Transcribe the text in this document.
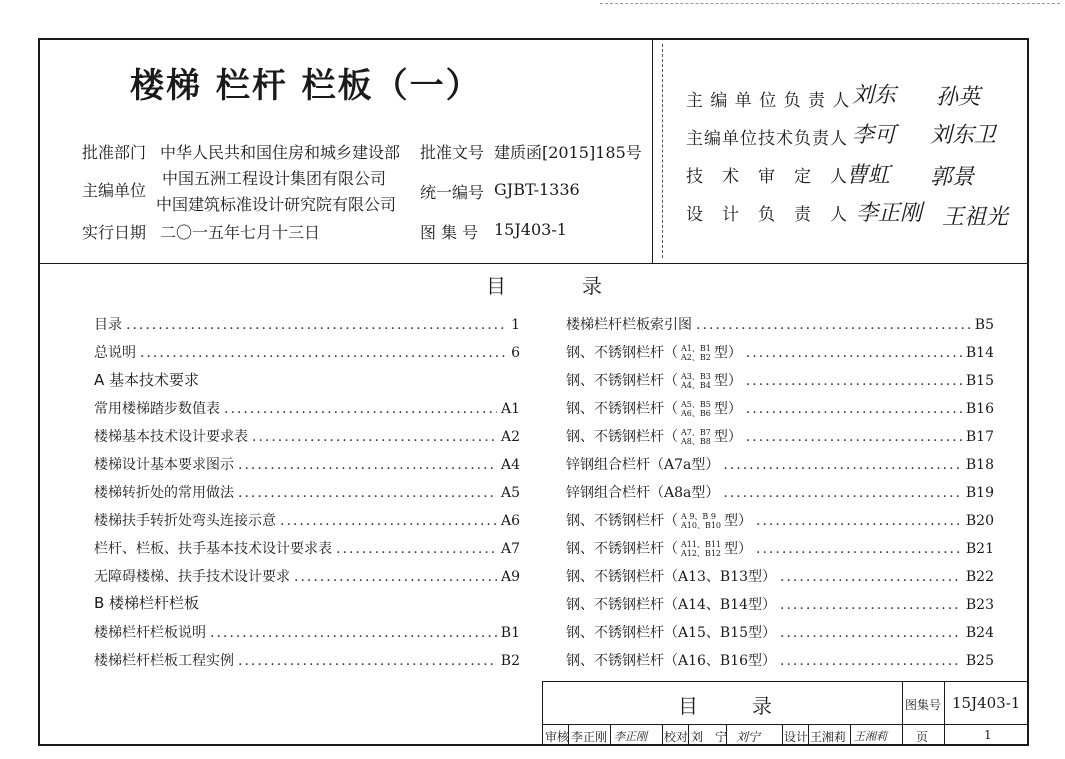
楼梯 栏杆 栏板（一）
批准部门 中华人民共和国住房和城乡建设部 批准文号 建质函[2015]185号
主编单位
中国五洲工程设计集团有限公司
中国建筑标准设计研究院有限公司
统一编号 GJBT-1336
实行日期 二〇一五年七月十三日	图 集 号 15J403-1
主 编 单 位 负 责 人 刘东 孙英
主编单位技术负责人 李可 刘东卫
技　术　审　定　人
曹虹 郭景
设　计　负　责　人 李正刚 王祖光
目	录
目录 .....	1
总说明 .....	6
A 基本技术要求
常用楼梯踏步数值表 .....	A1
楼梯基本技术设计要求表 .....	A2
楼梯设计基本要求图示 .....	A4
楼梯转折处的常用做法 .....	A5
楼梯扶手转折处弯头连接示意 .....	A6
栏杆、栏板、扶手基本技术设计要求表 .....	A7
无障碍楼梯、扶手技术设计要求 .....	A9
B 楼梯栏杆栏板
楼梯栏杆栏板说明 .....	B1
楼梯栏杆栏板工程实例 .....	B2
楼梯栏杆栏板索引图 .....	B5
钢、不锈钢栏杆（ A1、B1
A2、B2 型） .....	B14
钢、不锈钢栏杆（ A3、B3
A4、B4 型） .....	B15
钢、不锈钢栏杆（ A5、B5
A6、B6 型） .....	B16
钢、不锈钢栏杆（ A7、B7
A8、B8 型） .....	B17
锌钢组合栏杆（A7a型） .....	B18
锌钢组合栏杆（A8a型） .....	B19
钢、不锈钢栏杆（ A 9、B 9
A10、B10 型） .....	B20
钢、不锈钢栏杆（ A11、B11
A12、B12 型） .....	B21
钢、不锈钢栏杆（A13、B13型） .....	B22
钢、不锈钢栏杆（A14、B14型） .....	B23
钢、不锈钢栏杆（A15、B15型） .....	B24
钢、不锈钢栏杆（A16、B16型） .....	B25
目 录	图集号 15J403-1
审核 李正刚 李正刚 校对 刘　宁 刘宁 设计 王湘莉 王湘莉 页	1
